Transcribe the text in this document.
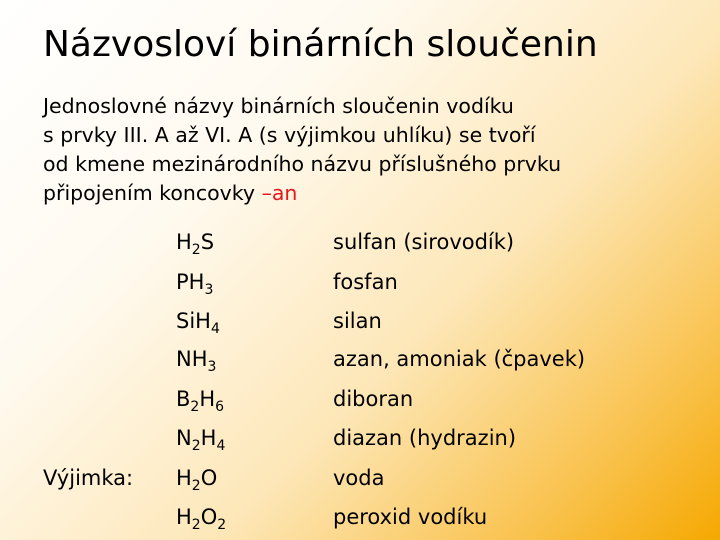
Názvosloví binárních sloučenin

Jednoslovné názvy binárních sloučenin vodíku
s prvky III. A až VI. A (s výjimkou uhlíku) se tvoří
od kmene mezinárodního názvu příslušného prvku
připojením koncovky –an

$H_2S$	sulfan (sirovodík)
$PH_3$	fosfan
SiH$_4$	silan
$NH_3$	azan, amoniak (čpavek)
$B_2H_6$	diboran
$N_2H_4$	diazan (hydrazin)
Výjimka: $H_2O$	voda
$H_2O_2$	peroxid vodíku
